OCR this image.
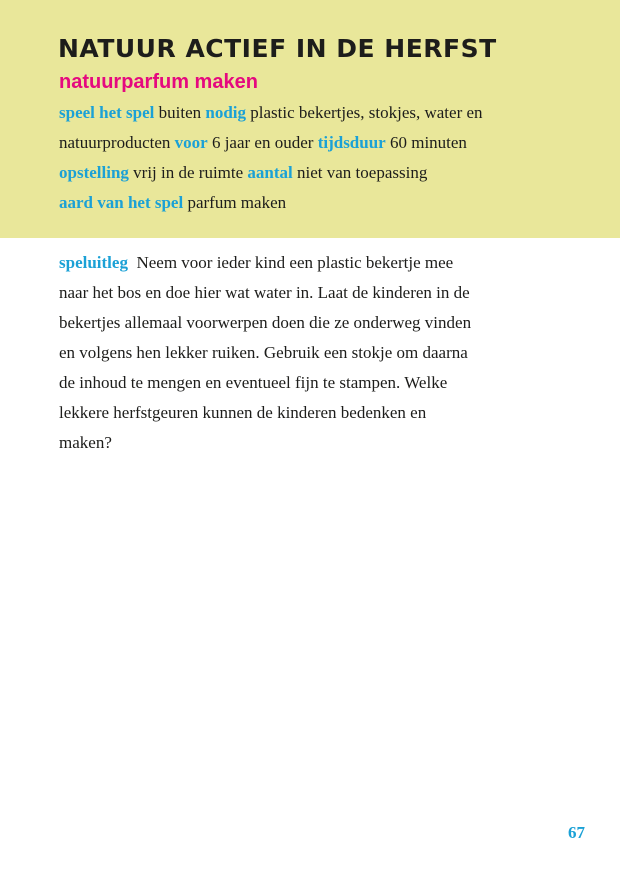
NATUUR ACTIEF IN DE HERFST
natuurparfum maken
speel het spel buiten nodig plastic bekertjes, stokjes, water en
natuurproducten voor 6 jaar en ouder tijdsduur 60 minuten
opstelling vrij in de ruimte aantal niet van toepassing
aard van het spel parfum maken
speluitleg Neem voor ieder kind een plastic bekertje mee
naar het bos en doe hier wat water in. Laat de kinderen in de
bekertjes allemaal voorwerpen doen die ze onderweg vinden
en volgens hen lekker ruiken. Gebruik een stokje om daarna
de inhoud te mengen en eventueel fijn te stampen. Welke
lekkere herfstgeuren kunnen de kinderen bedenken en
maken?
67
